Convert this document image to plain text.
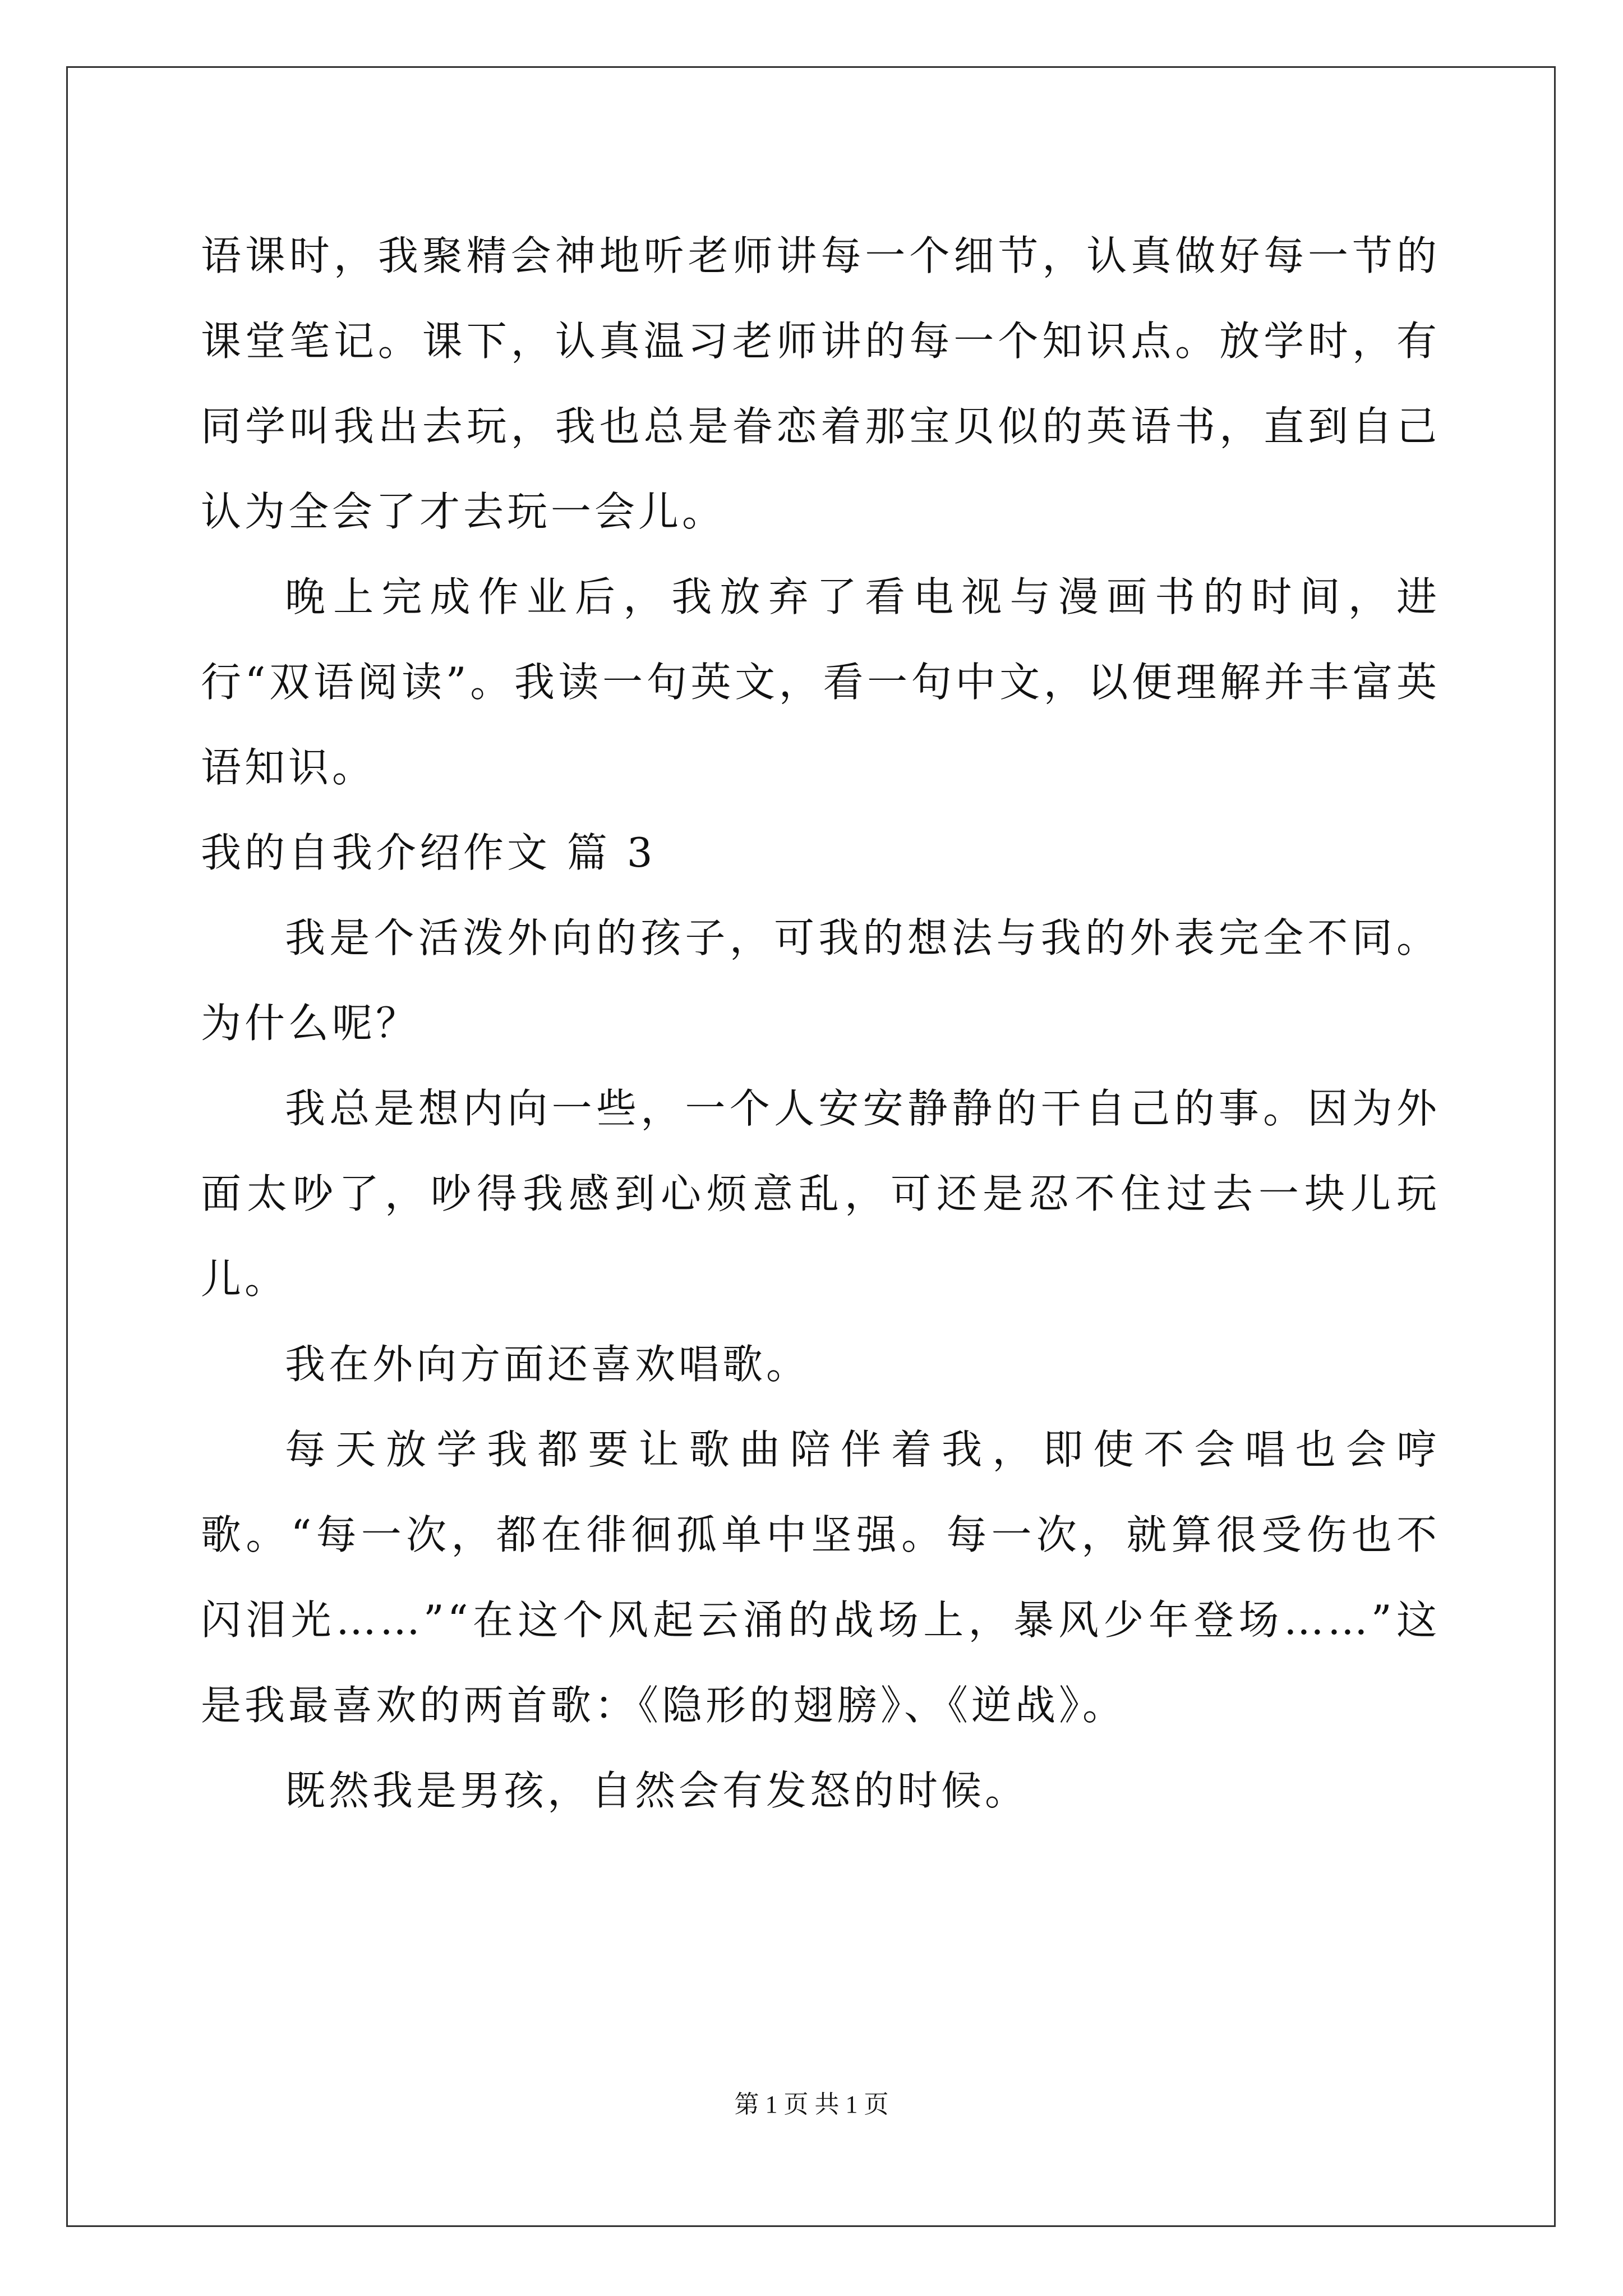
语课时，我聚精会神地听老师讲每一个细节，认真做好每一节的课堂笔记。课下，认真温习老师讲的每一个知识点。放学时，有同学叫我出去玩，我也总是眷恋着那宝贝似的英语书，直到自己认为全会了才去玩一会儿。

晚上完成作业后，我放弃了看电视与漫画书的时间，进行“双语阅读”。我读一句英文，看一句中文，以便理解并丰富英语知识。

我的自我介绍作文 篇 3

我是个活泼外向的孩子，可我的想法与我的外表完全不同。为什么呢？

我总是想内向一些，一个人安安静静的干自己的事。因为外面太吵了，吵得我感到心烦意乱，可还是忍不住过去一块儿玩儿。

我在外向方面还喜欢唱歌。

每天放学我都要让歌曲陪伴着我，即使不会唱也会哼歌。“每一次，都在徘徊孤单中坚强。每一次，就算很受伤也不闪泪光……”“在这个风起云涌的战场上，暴风少年登场……”这是我最喜欢的两首歌：《隐形的翅膀》、《逆战》。

既然我是男孩，自然会有发怒的时候。

第 1 页 共 1 页
